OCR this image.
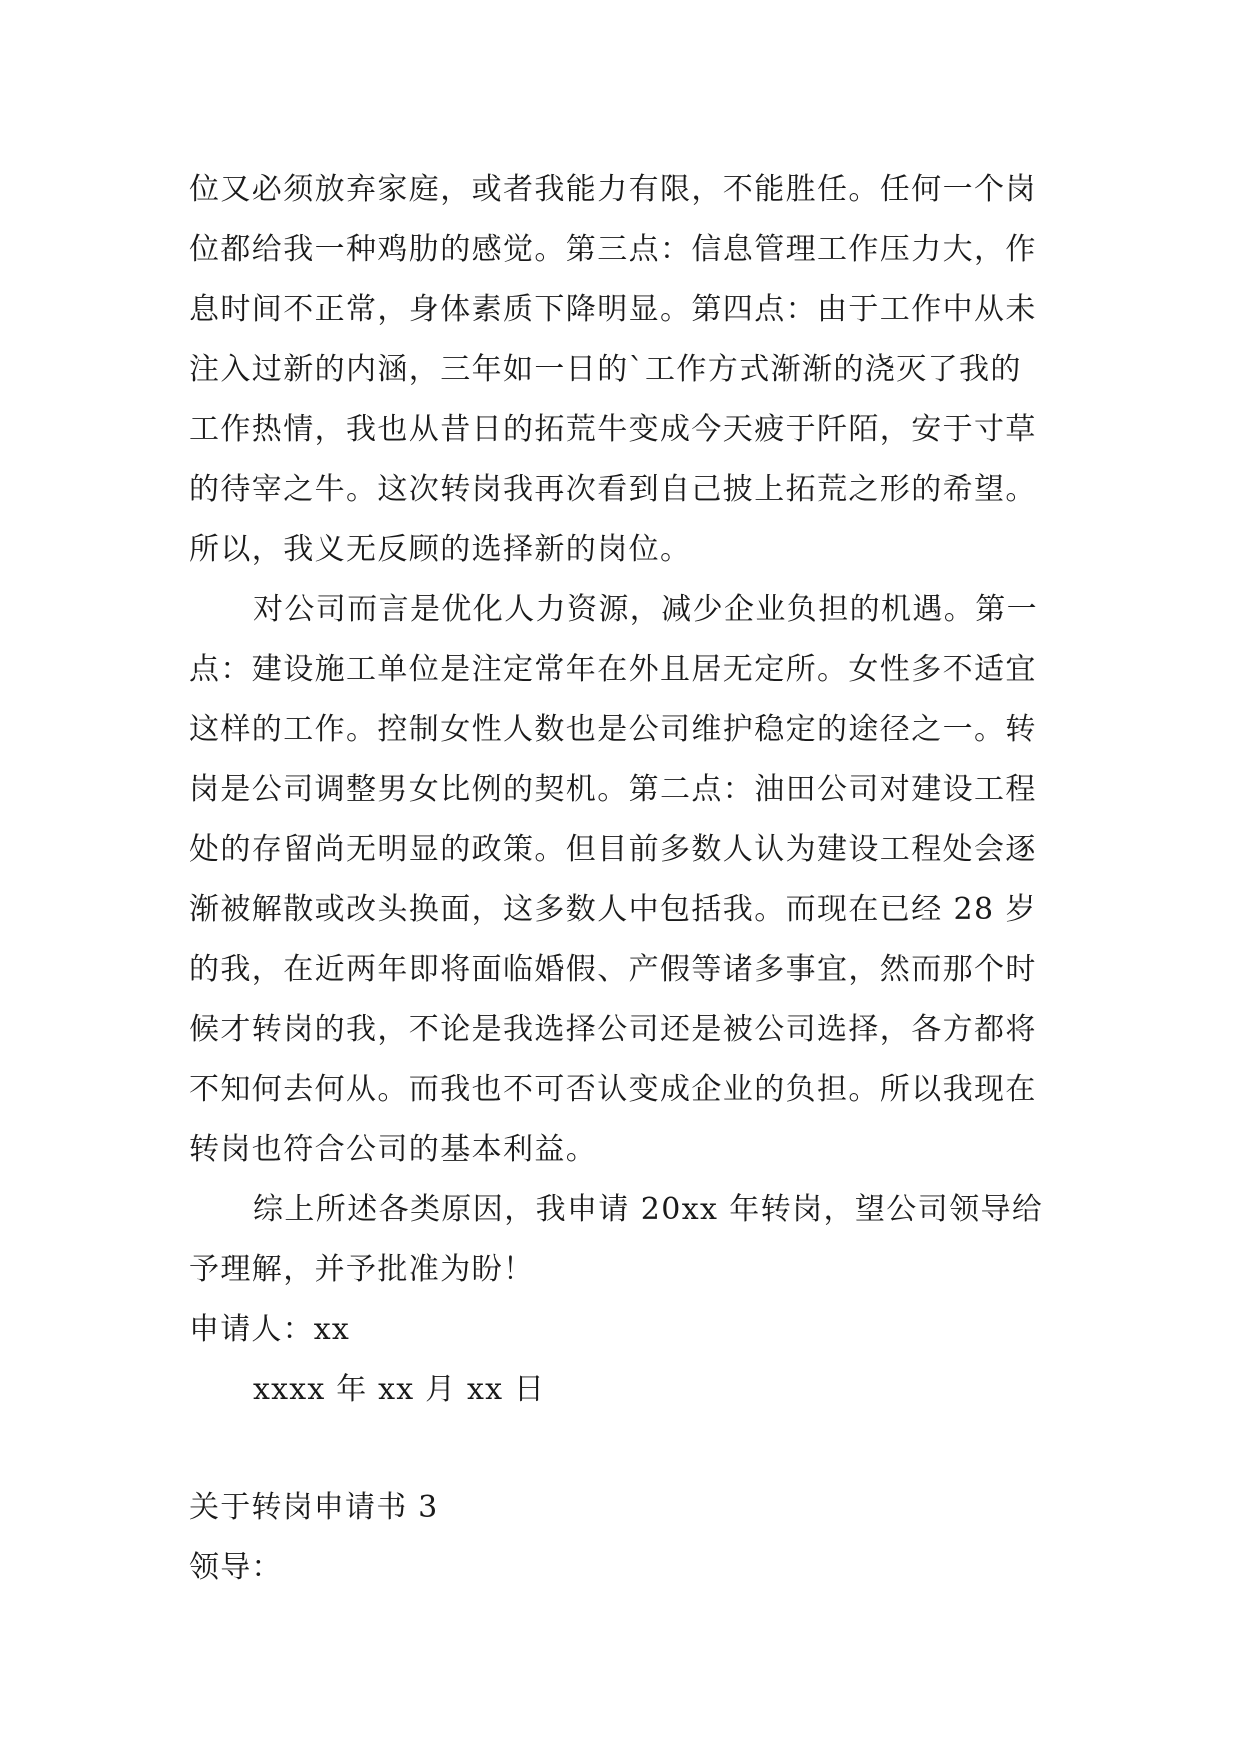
位又必须放弃家庭，或者我能力有限，不能胜任。任何一个岗位都给我一种鸡肋的感觉。第三点：信息管理工作压力大，作息时间不正常，身体素质下降明显。第四点：由于工作中从未注入过新的内涵，三年如一日的`工作方式渐渐的浇灭了我的工作热情，我也从昔日的拓荒牛变成今天疲于阡陌，安于寸草的待宰之牛。这次转岗我再次看到自己披上拓荒之形的希望。所以，我义无反顾的选择新的岗位。

对公司而言是优化人力资源，减少企业负担的机遇。第一点：建设施工单位是注定常年在外且居无定所。女性多不适宜这样的工作。控制女性人数也是公司维护稳定的途径之一。转岗是公司调整男女比例的契机。第二点：油田公司对建设工程处的存留尚无明显的政策。但目前多数人认为建设工程处会逐渐被解散或改头换面，这多数人中包括我。而现在已经 28 岁的我，在近两年即将面临婚假、产假等诸多事宜，然而那个时候才转岗的我，不论是我选择公司还是被公司选择，各方都将不知何去何从。而我也不可否认变成企业的负担。所以我现在转岗也符合公司的基本利益。

综上所述各类原因，我申请 20xx 年转岗，望公司领导给予理解，并予批准为盼！

申请人：xx

xxxx 年 xx 月 xx 日

关于转岗申请书 3

领导：
